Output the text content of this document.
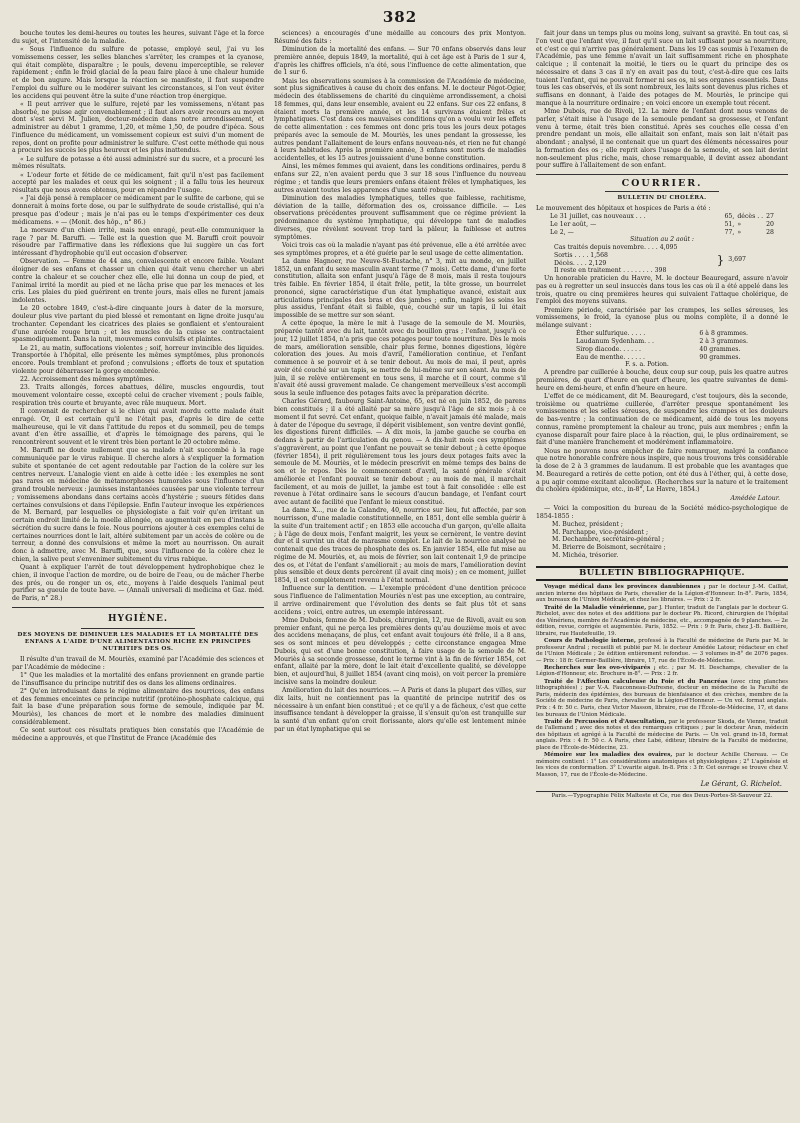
382

bouche toutes les demi-heures ou toutes les heures, suivant l'âge et la force du sujet, et l'intensité de la maladie.

« Sous l'influence du sulfure de potasse, employé seul, j'ai vu les vomissemens cesser, les selles blanches s'arrêter, les crampes et la cyanose, qui était complète, disparaître ; le pouls, devenu imperceptible, se relever rapidement ; enfin le froid glacial de la peau faire place à une chaleur humide et de bon augure. Mais lorsque la réaction se manifeste, il faut suspendre l'emploi du sulfure ou le modérer suivant les circonstances, si l'on veut éviter les accidens qui peuvent être la suite d'une réaction trop énergique.

« Il peut arriver que le sulfure, rejeté par les vomissemens, n'étant pas absorbé, ne puisse agir convenablement ; il faut alors avoir recours au moyen dont s'est servi M. Julien, docteur-médecin dans notre arrondissement, et administrer au début 1 gramme, 1,20, et même 1,50, de poudre d'ipéca. Sous l'influence du médicament, un vomissement copieux est suivi d'un moment de repos, dont on profite pour administrer le sulfure. C'est cette méthode qui nous a procuré les succès les plus heureux et les plus inattendus.

« Le sulfure de potasse a été aussi administré sur du sucre, et a procuré les mêmes résultats.

« L'odeur forte et fétide de ce médicament, fait qu'il n'est pas facilement accepté par les malades et ceux qui les soignent ; il a fallu tous les heureux résultats que nous avons obtenus, pour en répandre l'usage.

« J'ai déjà pensé à remplacer ce médicament par le sulfite de carbone, qui se donnerait à moins forte dose, ou par le sulfhydrate de soude cristallisé, qui n'a presque pas d'odeur ; mais je n'ai pas eu le temps d'expérimenter ces deux médicamens. » — (Monit. des hôp., n° 86.)

La morsure d'un chien irrité, mais non enragé, peut-elle communiquer la rage ? par M. Baruffi. — Telle est la question que M. Baruffi croit pouvoir résoudre par l'affirmative dans les réflexions que lui suggère un cas fort intéressant d'hydrophobie qu'il eut occasion d'observer.

Observation. — Femme de 44 ans, convalescente et encore faible. Voulant éloigner de ses enfans et chasser un chien qui était venu chercher un abri contre la chaleur et se coucher chez elle, elle lui donna un coup de pied, et l'animal irrité la mordit au pied et ne lâcha prise que par les menaces et les cris. Les plaies du pied guérirent en trente jours, mais elles ne furent jamais indolentes.

Le 20 octobre 1849, c'est-à-dire cinquante jours à dater de la morsure, douleur plus vive partant du pied blessé et remontant en ligne droite jusqu'au trochanter. Cependant les cicatrices des plaies se gonflaient et s'entouraient d'une auréole rouge brun ; et les muscles de la cuisse se contractaient spasmodiquement. Dans la nuit, mouvemens convulsifs et plaintes.

Le 21, au matin, suffocations violentes ; soif, horreur invincible des liquides. Transportée à l'hôpital, elle présente les mêmes symptômes, plus prononcés encore. Pouls tremblant et profond ; convulsions ; efforts de toux et sputation violente pour débarrasser la gorge encombrée.

22. Accroissement des mêmes symptômes.

23. Traits allongés, forces abattues, délire, muscles engourdis, tout mouvement volontaire cesse, excepté celui de cracher vivement ; pouls faible, respiration très courte et bruyante, avec râle muqueux. Mort.

Il convenait de rechercher si le chien qui avait mordu cette malade était enragé. Or, il est certain qu'il ne l'était pas, d'après le dire de cette malheureuse, qui le vit dans l'attitude du repos et du sommeil, peu de temps avant d'en être assaillie, et d'après le témoignage des parens, qui le rencontrèrent souvent et le virent très bien portant le 20 octobre même.

M. Baruffi ne doute nullement que sa malade n'ait succombé à la rage communiquée par le virus rabique. Il cherche alors à s'expliquer la formation subite et spontanée de cet agent redoutable par l'action de la colère sur les centres nerveux. L'analogie vient en aide à cette idée : les exemples ne sont pas rares en médecine de métamorphoses humorales sous l'influence d'un grand trouble nerveux : jaunisses instantanées causées par une violente terreur ; vomissemens abondans dans certains accès d'hystérie ; sueurs fétides dans certaines convulsions et dans l'épilepsie. Enfin l'auteur invoque les expériences de M. Bernard, par lesquelles ce physiologiste a fait voir qu'en irritant un certain endroit limité de la moelle allongée, on augmentait en peu d'instans la sécrétion du sucre dans le foie. Nous pourrions ajouter à ces exemples celui de certaines nourrices dont le lait, altéré subitement par un accès de colère ou de terreur, a donné des convulsions et même la mort au nourrisson. On aurait donc à admettre, avec M. Baruffi, que, sous l'influence de la colère chez le chien, la salive peut s'envenimer subitement du virus rabique.

Quant à expliquer l'arrêt de tout développement hydrophobique chez le chien, il invoque l'action de mordre, ou de boire de l'eau, ou de mâcher l'herbe des prés, ou de ronger un os, etc., moyens à l'aide desquels l'animal peut purifier sa gueule de toute bave. — (Annali universali di medicina et Gaz. méd. de Paris, n° 28.)

HYGIÈNE.
DES MOYENS DE DIMINUER LES MALADIES ET LA MORTALITÉ DES ENFANS A L'AIDE D'UNE ALIMENTATION RICHE EN PRINCIPES NUTRITIFS DES OS.

Il résulte d'un travail de M. Mouriès, examiné par l'Académie des sciences et par l'Académie de médecine :

1° Que les maladies et la mortalité des enfans proviennent en grande partie de l'insuffisance du principe nutritif des os dans les alimens ordinaires.

2° Qu'en introduisant dans le régime alimentaire des nourrices, des enfans et des femmes enceintes ce principe nutritif (protéino-phosphate calcique, qui fait la base d'une préparation sous forme de semoule, indiquée par M. Mouriès), les chances de mort et le nombre des maladies diminuent considérablement.

Ce sont surtout ces résultats pratiques bien constatés que l'Académie de médecine a approuvés, et que l'Institut de France (Académie des

sciences) a encouragés d'une médaille au concours des prix Montyon. Résumé des faits :

Diminution de la mortalité des enfans. — Sur 70 enfans observés dans leur première année, depuis 1849, la mortalité, qui à cet âge est à Paris de 1 sur 4, d'après les chiffres officiels, n'a été, sous l'influence de cette alimentation, que de 1 sur 6.

Mais les observations soumises à la commission de l'Académie de médecine, sont plus significatives à cause du choix des enfans. M. le docteur Pégot-Ogier, médecin des établissemens de charité du cinquième arrondissement, a choisi 18 femmes, qui, dans leur ensemble, avaient eu 22 enfans. Sur ces 22 enfans, 8 étaient morts la première année, et les 14 survivans étaient frêles et lymphatiques. C'est dans ces mauvaises conditions qu'on a voulu voir les effets de cette alimentation : ces femmes ont donc pris tous les jours deux potages préparés avec la semoule de M. Mouriès, les unes pendant la grossesse, les autres pendant l'allaitement de leurs enfans nouveau-nés, et rien ne fut changé à leurs habitudes. Après la première année, 3 enfans sont morts de maladies accidentelles, et les 15 autres jouissaient d'une bonne constitution.

Ainsi, les mêmes femmes qui avaient, dans les conditions ordinaires, perdu 8 enfans sur 22, n'en avaient perdu que 3 sur 18 sous l'influence du nouveau régime ; et tandis que leurs premiers enfans étaient frêles et lymphatiques, les autres avaient toutes les apparences d'une santé robuste.

Diminution des maladies lymphatiques, telles que faiblesse, rachitisme, déviation de la taille, déformation des os, croissance difficile. — Les observations précédentes prouvent suffisamment que ce régime prévient la prédominance du système lymphatique, qui développe tant de maladies diverses, que révèlent souvent trop tard la pâleur, la faiblesse et autres symptômes.

Voici trois cas où la maladie n'ayant pas été prévenue, elle a été arrêtée avec ses symptômes propres, et a été guérie par le seul usage de cette alimentation.

La dame Hagnoer, rue Neuve-St-Eustache, n° 3, mit au monde, en juillet 1852, un enfant du sexe masculin avant terme (7 mois). Cette dame, d'une forte constitution, allaita son enfant jusqu'à l'âge de 8 mois, mais il resta toujours très faible. En février 1854, il était frêle, petit, la tête grosse, un bourrelet prononcé, signe caractéristique d'un état lymphatique avancé, existait aux articulations principales des bras et des jambes ; enfin, malgré les soins les plus assidus, l'enfant était si faible, que, couché sur un tapis, il lui était impossible de se mettre sur son séant.

A cette époque, la mère le mit à l'usage de la semoule de M. Mouriès, préparée tantôt avec du lait, tantôt avec du bouillon gras ; l'enfant, jusqu'à ce jour, 12 juillet 1854, n'a pris que ces potages pour toute nourriture. Dès le mois de mars, amélioration sensible, chair plus ferme, bonnes digestions, légère coloration des joues. Au mois d'avril, l'amélioration continue, et l'enfant commence à se pouvoir et à se tenir debout. Au mois de mai, il peut, après avoir été couché sur un tapis, se mettre de lui-même sur son séant. Au mois de juin, il se relève entièrement en tous sens, il marche et il court, comme s'il n'avait été aussi gravement malade. Ce changement merveilleux s'est accompli sous la seule influence des potages faits avec la préparation décrite.

Charles Gérard, faubourg Saint-Antoine, 65, est né en juin 1852, de parens bien constitués ; il a été allaité par sa mère jusqu'à l'âge de six mois ; à ce moment il fut sevré. Cet enfant, quoique faible, n'avait jamais été malade, mais à dater de l'époque du sevrage, il dépérit visiblement, son ventre devint gonflé, les digestions furent difficiles. — A dix mois, la jambe gauche se courba en dedans à partir de l'articulation du genou. — A dix-huit mois ces symptômes s'aggravèrent, au point que l'enfant ne pouvait se tenir debout ; à cette époque (février 1854), il prit régulièrement tous les jours deux potages faits avec la semoule de M. Mouriès, et le médecin prescrivit en même temps des bains de son et le repos. Dès le commencement d'avril, la santé générale s'était améliorée et l'enfant pouvait se tenir debout ; au mois de mai, il marchait facilement, et au mois de juillet, la jambe est tout à fait consolidée : elle est revenue à l'état ordinaire sans le secours d'aucun bandage, et l'enfant court avec autant de facilité que l'enfant le mieux constitué.

La dame X..., rue de la Calandre, 40, nourrice sur lieu, fut affectée, par son nourrisson, d'une maladie constitutionnelle, en 1851, dont elle sembla guérir à la suite d'un traitement actif ; en 1853 elle accoucha d'un garçon, qu'elle allaita ; à l'âge de deux mois, l'enfant maigrit, les yeux se cernèrent, le ventre devint dur et il survint un état de marasme complet. Le lait de la nourrice analysé ne contenait que des traces de phosphate des os. En janvier 1854, elle fut mise au régime de M. Mouriès, et, au mois de février, son lait contenait 1,9 de principe des os, et l'état de l'enfant s'améliorait ; au mois de mars, l'amélioration devint plus sensible et deux dents percèrent (il avait cinq mois) ; en ce moment, juillet 1854, il est complètement revenu à l'état normal.

Influence sur la dentition. — L'exemple précédent d'une dentition précoce sous l'influence de l'alimentation Mouriès n'est pas une exception, au contraire, il arrive ordinairement que l'évolution des dents se fait plus tôt et sans accidens ; voici, entre autres, un exemple intéressant.

Mme Dubois, femme de M. Dubois, chirurgien, 12, rue de Rivoli, avait eu son premier enfant, qui ne perça les premières dents qu'au douzième mois et avec des accidens menaçans, de plus, cet enfant avait toujours été frêle, il a 8 ans, ses os sont minces et peu développés ; cette circonstance engagea Mme Dubois, qui est d'une bonne constitution, à faire usage de la semoule de M. Mouriès à sa seconde grossesse, dont le terme vint à la fin de février 1854, cet enfant, allaité par la mère, dont le lait était d'excellente qualité, se développe bien, et aujourd'hui, 8 juillet 1854 (avant cinq mois), on voit percer la première incisive sans la moindre douleur.

Amélioration du lait des nourrices. — A Paris et dans la plupart des villes, sur dix laits, huit ne contiennent pas la quantité de principe nutritif des os nécessaire à un enfant bien constitué ; et ce qu'il y a de fâcheux, c'est que cette insuffisance tendant à développer la graisse, il s'ensuit qu'on est tranquille sur la santé d'un enfant qu'on croit florissante, alors qu'elle est lentement minée par un état lymphatique qui se

fait jour dans un temps plus ou moins long, suivant sa gravité. En tout cas, si l'on veut que l'enfant vive, il faut qu'il suce un lait suffisant pour sa nourriture, et c'est ce qui n'arrive pas généralement. Dans les 19 cas soumis à l'examen de l'Académie, pas une femme n'avait un lait suffisamment riche en phosphate calcique ; il contenait la moitié, le tiers ou le quart du principe des os nécessaire et dans 3 cas il n'y en avait pas du tout, c'est-à-dire que ces laits tuaient l'enfant, qui ne pouvait former ni ses os, ni ses organes essentiels. Dans tous les cas observés, et ils sont nombreux, les laits sont devenus plus riches et suffisans en donnant, à l'aide des potages de M. Mouriès, le principe qui manque à la nourriture ordinaire ; en voici encore un exemple tout récent.

Mme Dubois, rue de Rivoli, 12. La mère de l'enfant dont nous venons de parler, s'était mise à l'usage de la semoule pendant sa grossesse, et l'enfant venu à terme, était très bien constitué. Après ses couches elle cessa d'en prendre pendant un mois, elle allaitait son enfant, mais son lait n'était pas abondant ; analysé, il ne contenait que un quart des éléments nécessaires pour la formation des os ; elle reprit alors l'usage de la semoule, et son lait devint non-seulement plus riche, mais, chose remarquable, il devint assez abondant pour suffire à l'allaitement de son enfant.

COURRIER.
BULLETIN DU CHOLÉRA.

Le mouvement des hôpitaux et hospices de Paris a été :

Le 31 juillet, cas nouveaux . . .	65, décès . . 27
Le 1er août, —	51, »	20
Le 2, —	77, »	28
Situation au 2 août :
Cas traités depuis novembre. . . . 4,095
Sortis . . . . 1,568
Décès. . . . 2,129	} 3,697
Il reste en traitement . . . . . . . . 398

Un honorable praticien du Havre, M. le docteur Beauregard, assure n'avoir pas eu à regretter un seul insuccès dans tous les cas où il a été appelé dans les trois, quatre ou cinq premières heures qui suivaient l'attaque cholérique, de l'emploi des moyens suivans.

Première période, caractérisée par les crampes, les selles séreuses, les vomissemens, le froid, la cyanose plus ou moins complète, il a donné le mélange suivant :

Éther sulfurique. . . . .	6 à 8 grammes.
Laudanum Sydenham. . .	2 à 3 grammes.
Sirop diacode. . . . . .	40 grammes.
Eau de menthe. . . . . .	90 grammes.
F. s. a. Potion.

A prendre par cuillerée à bouche, deux coup sur coup, puis les quatre autres premières, de quart d'heure en quart d'heure, les quatre suivantes de demi-heure en demi-heure, et enfin d'heure en heure.

L'effet de ce médicament, dit M. Beauregard, c'est toujours, dès la seconde, troisième ou quatrième cuillerée, d'arrêter presque spontanément les vomissemens et les selles séreuses, de suspendre les crampes et les douleurs de bas-ventre ; la continuation de ce médicament, aidé de tous les moyens connus, ramène promptement la chaleur au tronc, puis aux membres ; enfin la cyanose disparaît pour faire place à la réaction, qui, le plus ordinairement, se fait d'une manière franchement et modérément inflammatoire.

Nous ne pouvons nous empêcher de faire remarquer, malgré la confiance que notre honorable confrère nous inspire, que nous trouvons très considérable la dose de 2 à 3 grammes de laudanum. Il est probable que les avantages que M. Beauregard a retirés de cette potion, ont été dus à l'éther, qui, à cette dose, a pu agir comme excitant alcoolique. (Recherches sur la nature et le traitement du choléra épidémique, etc., in-8°, Le Havre, 1854.)

Amédée Latour.

— Voici la composition du bureau de la Société médico-psychologique de 1854-1855 :

M. Buchez, président ;
M. Parchappe, vice-président ;
M. Dechambre, secrétaire-général ;
M. Brierre de Boismont, secrétaire ;
M. Michéa, trésorier.
BULLETIN BIBLIOGRAPHIQUE.

Voyage médical dans les provinces danubiennes ; par le docteur J.-M. Caillat, ancien interne des hôpitaux de Paris, chevalier de la Légion-d'Honneur. In-8°. Paris, 1854, aux bureaux de l'Union Médicale, et chez les libraires. — Prix : 2 fr.

Traité de la Maladie vénérienne, par J. Hunter, traduit de l'anglais par le docteur G. Richelot, avec des notes et des additions par le docteur Ph. Ricord, chirurgien de l'hôpital des Vénériens, membre de l'Académie de médecine, etc., accompagnée de 9 planches. — 2e édition, revue, corrigée et augmentée. Paris, 1852. — Prix : 9 fr. Paris, chez J.-B. Baillière, libraire, rue Hautefeuille, 19.

Cours de Pathologie interne, professé à la Faculté de médecine de Paris par M. le professeur Andral ; recueilli et publié par M. le docteur Amédée Latour, rédacteur en chef de l'Union Médicale ; 2e édition entièrement refondue. — 3 volumes in-8° de 2076 pages. — Prix : 18 fr. Germer-Baillière, libraire, 17, rue de l'École-de-Médecine.

Recherches sur les ovo-viviparés ; etc. ; par M. H. Deschamps, chevalier de la Légion-d'Honneur, etc. Brochure in-8°. — Prix : 2 fr.

Traité de l'Affection calculeuse du Foie et du Pancréas (avec cinq planches lithographiées) ; par V.-A. Fauconneau-Dufresne, docteur en médecine de la Faculté de Paris, médecin des épidémies, des bureaux de bienfaisance et des crèches, membre de la Société de médecine de Paris, chevalier de la Légion-d'Honneur. — Un vol. format anglais. Prix : 4 fr. 50 c. Paris, chez Victor Masson, libraire, rue de l'École-de-Médecine, 17, et dans les bureaux de l'Union Médicale.

Traité de Percussion et d'Auscultation, par le professeur Skoda, de Vienne, traduit de l'allemand ; avec des notes et des remarques critiques ; par le docteur Aran, médecin des hôpitaux et agrégé à la Faculté de médecine de Paris. — Un vol. grand in-18, format anglais. Prix : 4 fr. 50 c. A Paris, chez Labé, éditeur, libraire de la Faculté de médecine, place de l'École-de-Médecine, 23.

Mémoire sur les maladies des ovaires, par le docteur Achille Chereau. — Ce mémoire contient : 1° Les considérations anatomiques et physiologiques ; 2° L'agénésie et les vices de conformation. 3° L'ovarite aiguë. In-8. Prix : 3 fr. Cet ouvrage se trouve chez V. Masson, 17, rue de l'École-de-Médecine.

Le Gérant, G. Richelot.
Paris.—Typographie Félix Malteste et Ce, rue des Deux-Portes-St-Sauveur 22.
